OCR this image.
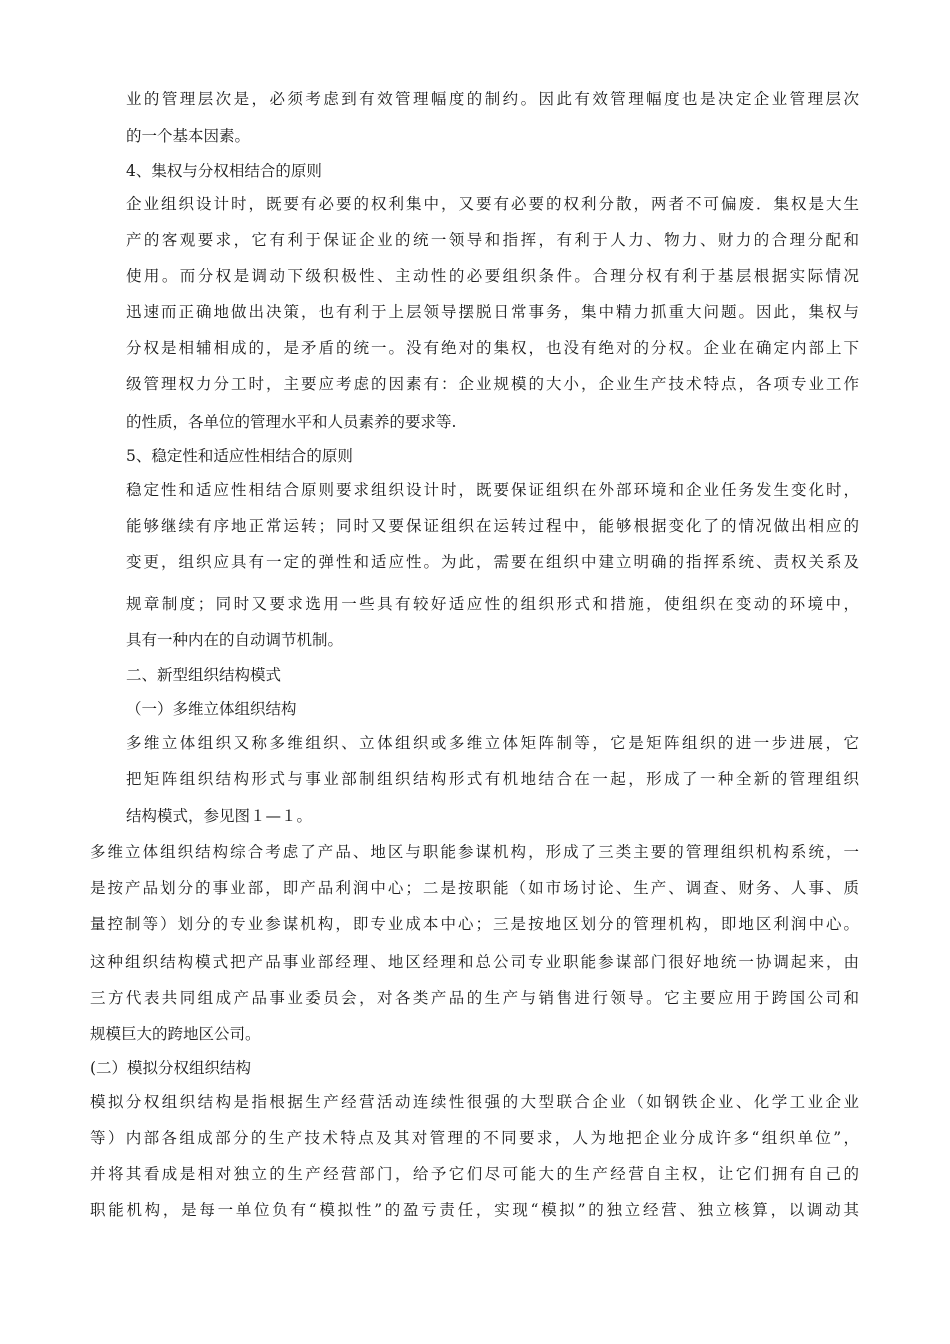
业的管理层次是，必须考虑到有效管理幅度的制约。因此有效管理幅度也是决定企业管理层次
的一个基本因素。
4、集权与分权相结合的原则
企业组织设计时，既要有必要的权利集中，又要有必要的权利分散，两者不可偏废．集权是大生
产的客观要求，它有利于保证企业的统一领导和指挥，有利于人力、物力、财力的合理分配和
使用。而分权是调动下级积极性、主动性的必要组织条件。合理分权有利于基层根据实际情况
迅速而正确地做出决策，也有利于上层领导摆脱日常事务，集中精力抓重大问题。因此，集权与
分权是相辅相成的，是矛盾的统一。没有绝对的集权，也没有绝对的分权。企业在确定内部上下
级管理权力分工时，主要应考虑的因素有：企业规模的大小，企业生产技术特点，各项专业工作
的性质，各单位的管理水平和人员素养的要求等.
5、稳定性和适应性相结合的原则
稳定性和适应性相结合原则要求组织设计时，既要保证组织在外部环境和企业任务发生变化时，
能够继续有序地正常运转；同时又要保证组织在运转过程中，能够根据变化了的情况做出相应的
变更，组织应具有一定的弹性和适应性。为此，需要在组织中建立明确的指挥系统、责权关系及
规章制度；同时又要求选用一些具有较好适应性的组织形式和措施，使组织在变动的环境中，
具有一种内在的自动调节机制。
二、新型组织结构模式
（一）多维立体组织结构
多维立体组织又称多维组织、立体组织或多维立体矩阵制等，它是矩阵组织的进一步进展，它
把矩阵组织结构形式与事业部制组织结构形式有机地结合在一起，形成了一种全新的管理组织
结构模式，参见图１—１。
多维立体组织结构综合考虑了产品、地区与职能参谋机构，形成了三类主要的管理组织机构系统，一
是按产品划分的事业部，即产品利润中心；二是按职能（如市场讨论、生产、调查、财务、人事、质
量控制等）划分的专业参谋机构，即专业成本中心；三是按地区划分的管理机构，即地区利润中心。
这种组织结构模式把产品事业部经理、地区经理和总公司专业职能参谋部门很好地统一协调起来，由
三方代表共同组成产品事业委员会，对各类产品的生产与销售进行领导。它主要应用于跨国公司和
规模巨大的跨地区公司。
(二）模拟分权组织结构
模拟分权组织结构是指根据生产经营活动连续性很强的大型联合企业（如钢铁企业、化学工业企业
等）内部各组成部分的生产技术特点及其对管理的不同要求，人为地把企业分成许多“组织单位”，
并将其看成是相对独立的生产经营部门，给予它们尽可能大的生产经营自主权，让它们拥有自己的
职能机构，是每一单位负有“模拟性”的盈亏责任，实现“模拟”的独立经营、独立核算，以调动其
